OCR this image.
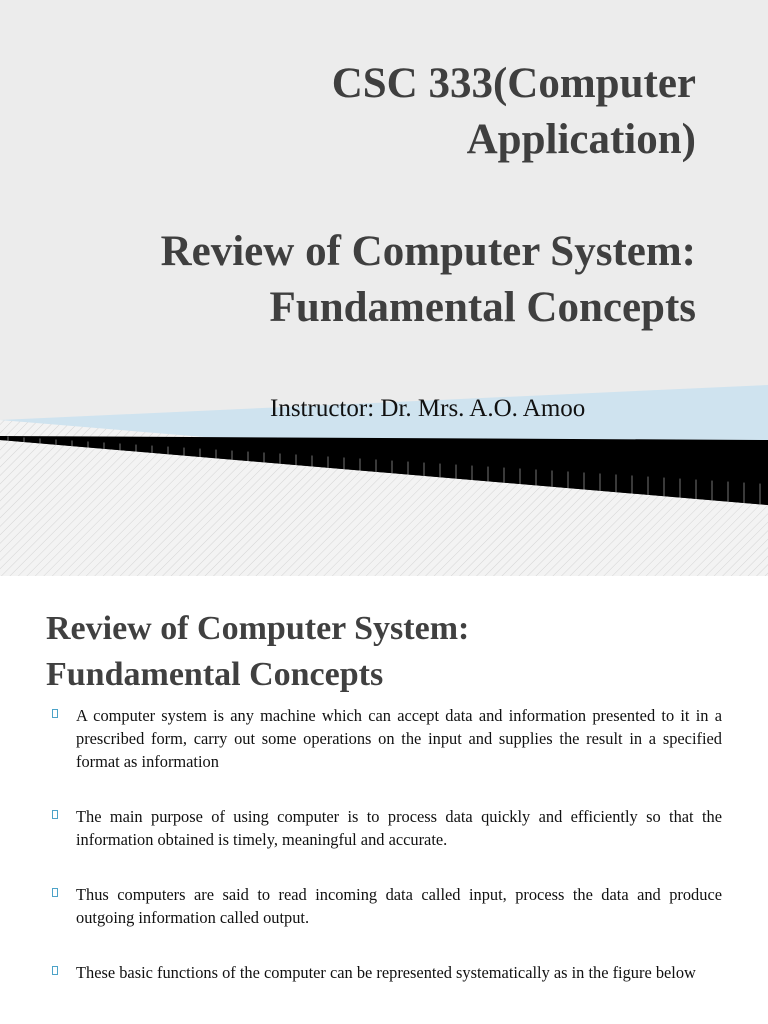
CSC 333(Computer
Application)
Review of Computer System:
Fundamental Concepts
Instructor: Dr. Mrs. A.O. Amoo
Review of Computer System:
Fundamental Concepts
A computer system is any machine which can accept data and information presented to it in a prescribed form, carry out some operations on the input and supplies the result in a specified format as information
The main purpose of using computer is to process data quickly and efficiently so that the information obtained is timely, meaningful and accurate.
Thus computers are said to read incoming data called input, process the data and produce outgoing information called output.
These basic functions of the computer can be represented systematically as in the figure below
